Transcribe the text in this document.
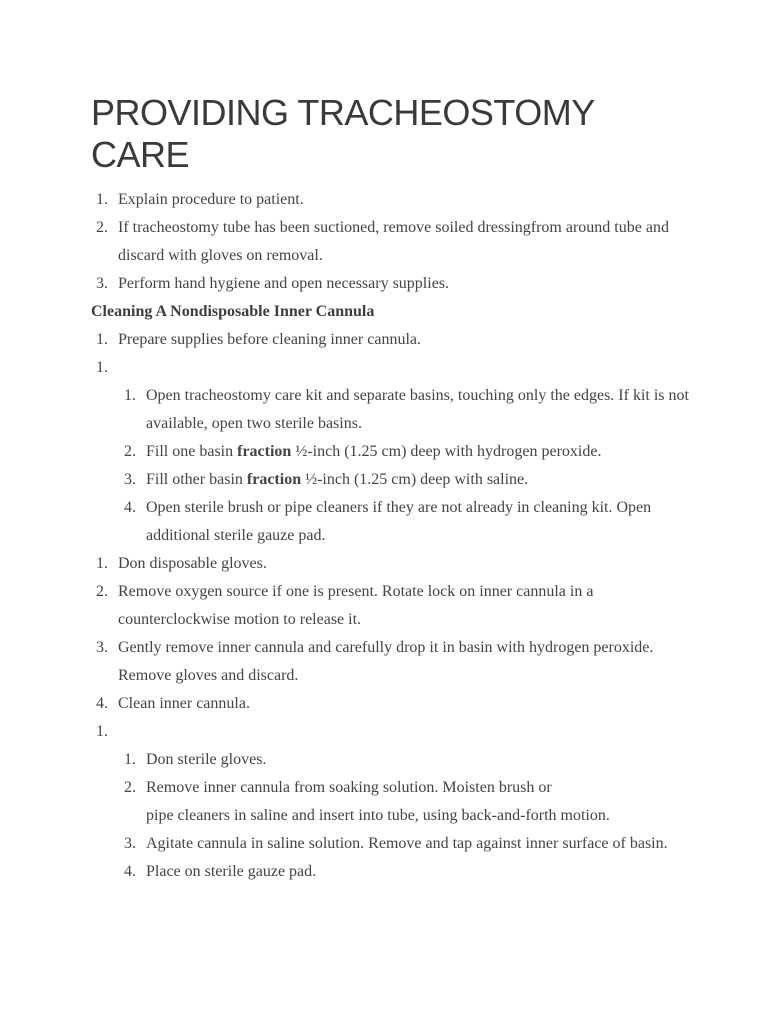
PROVIDING TRACHEOSTOMY CARE
1. Explain procedure to patient.
2. If tracheostomy tube has been suctioned, remove soiled dressingfrom around tube and discard with gloves on removal.
3. Perform hand hygiene and open necessary supplies.
Cleaning A Nondisposable Inner Cannula
1. Prepare supplies before cleaning inner cannula.
1.
1. Open tracheostomy care kit and separate basins, touching only the edges. If kit is not available, open two sterile basins.
2. Fill one basin fraction ½-inch (1.25 cm) deep with hydrogen peroxide.
3. Fill other basin fraction ½-inch (1.25 cm) deep with saline.
4. Open sterile brush or pipe cleaners if they are not already in cleaning kit. Open additional sterile gauze pad.
1. Don disposable gloves.
2. Remove oxygen source if one is present. Rotate lock on inner cannula in a counterclockwise motion to release it.
3. Gently remove inner cannula and carefully drop it in basin with hydrogen peroxide. Remove gloves and discard.
4. Clean inner cannula.
1.
1. Don sterile gloves.
2. Remove inner cannula from soaking solution. Moisten brush or
pipe cleaners in saline and insert into tube, using back-and-forth motion.
3. Agitate cannula in saline solution. Remove and tap against inner surface of basin.
4. Place on sterile gauze pad.
